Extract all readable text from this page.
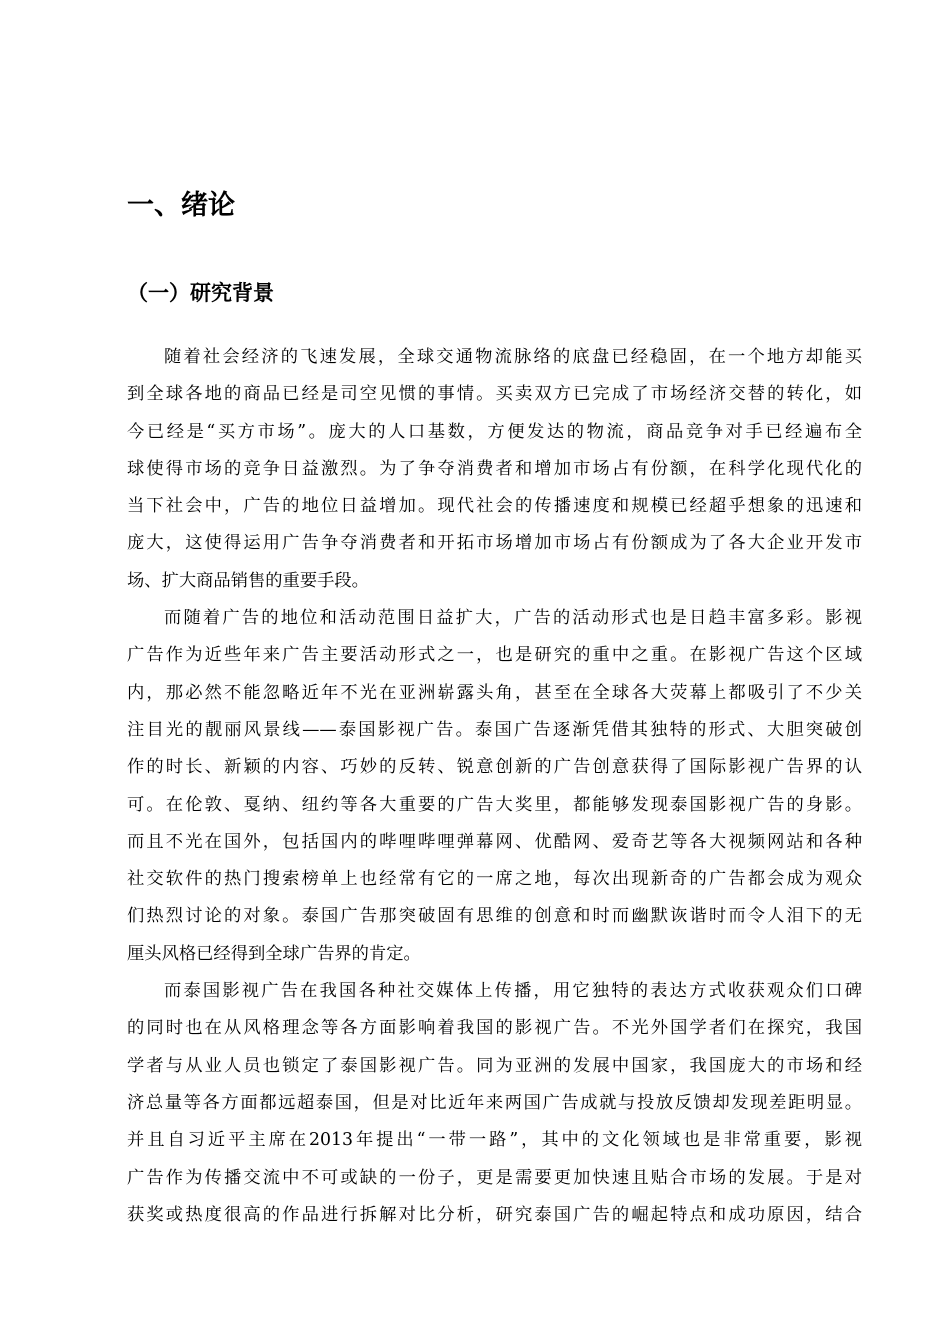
一、绪论
（一）研究背景
随着社会经济的飞速发展，全球交通物流脉络的底盘已经稳固，在一个地方却能买
到全球各地的商品已经是司空见惯的事情。买卖双方已完成了市场经济交替的转化，如
今已经是“买方市场”。庞大的人口基数，方便发达的物流，商品竞争对手已经遍布全
球使得市场的竞争日益激烈。为了争夺消费者和增加市场占有份额，在科学化现代化的
当下社会中，广告的地位日益增加。现代社会的传播速度和规模已经超乎想象的迅速和
庞大，这使得运用广告争夺消费者和开拓市场增加市场占有份额成为了各大企业开发市
场、扩大商品销售的重要手段。
而随着广告的地位和活动范围日益扩大，广告的活动形式也是日趋丰富多彩。影视
广告作为近些年来广告主要活动形式之一，也是研究的重中之重。在影视广告这个区域
内，那必然不能忽略近年不光在亚洲崭露头角，甚至在全球各大荧幕上都吸引了不少关
注目光的靓丽风景线——泰国影视广告。泰国广告逐渐凭借其独特的形式、大胆突破创
作的时长、新颖的内容、巧妙的反转、锐意创新的广告创意获得了国际影视广告界的认
可。在伦敦、戛纳、纽约等各大重要的广告大奖里，都能够发现泰国影视广告的身影。
而且不光在国外，包括国内的哔哩哔哩弹幕网、优酷网、爱奇艺等各大视频网站和各种
社交软件的热门搜索榜单上也经常有它的一席之地，每次出现新奇的广告都会成为观众
们热烈讨论的对象。泰国广告那突破固有思维的创意和时而幽默诙谐时而令人泪下的无
厘头风格已经得到全球广告界的肯定。
而泰国影视广告在我国各种社交媒体上传播，用它独特的表达方式收获观众们口碑
的同时也在从风格理念等各方面影响着我国的影视广告。不光外国学者们在探究，我国
学者与从业人员也锁定了泰国影视广告。同为亚洲的发展中国家，我国庞大的市场和经
济总量等各方面都远超泰国，但是对比近年来两国广告成就与投放反馈却发现差距明显。
并且自习近平主席在2013年提出“一带一路”，其中的文化领域也是非常重要，影视
广告作为传播交流中不可或缺的一份子，更是需要更加快速且贴合市场的发展。于是对
获奖或热度很高的作品进行拆解对比分析，研究泰国广告的崛起特点和成功原因，结合
